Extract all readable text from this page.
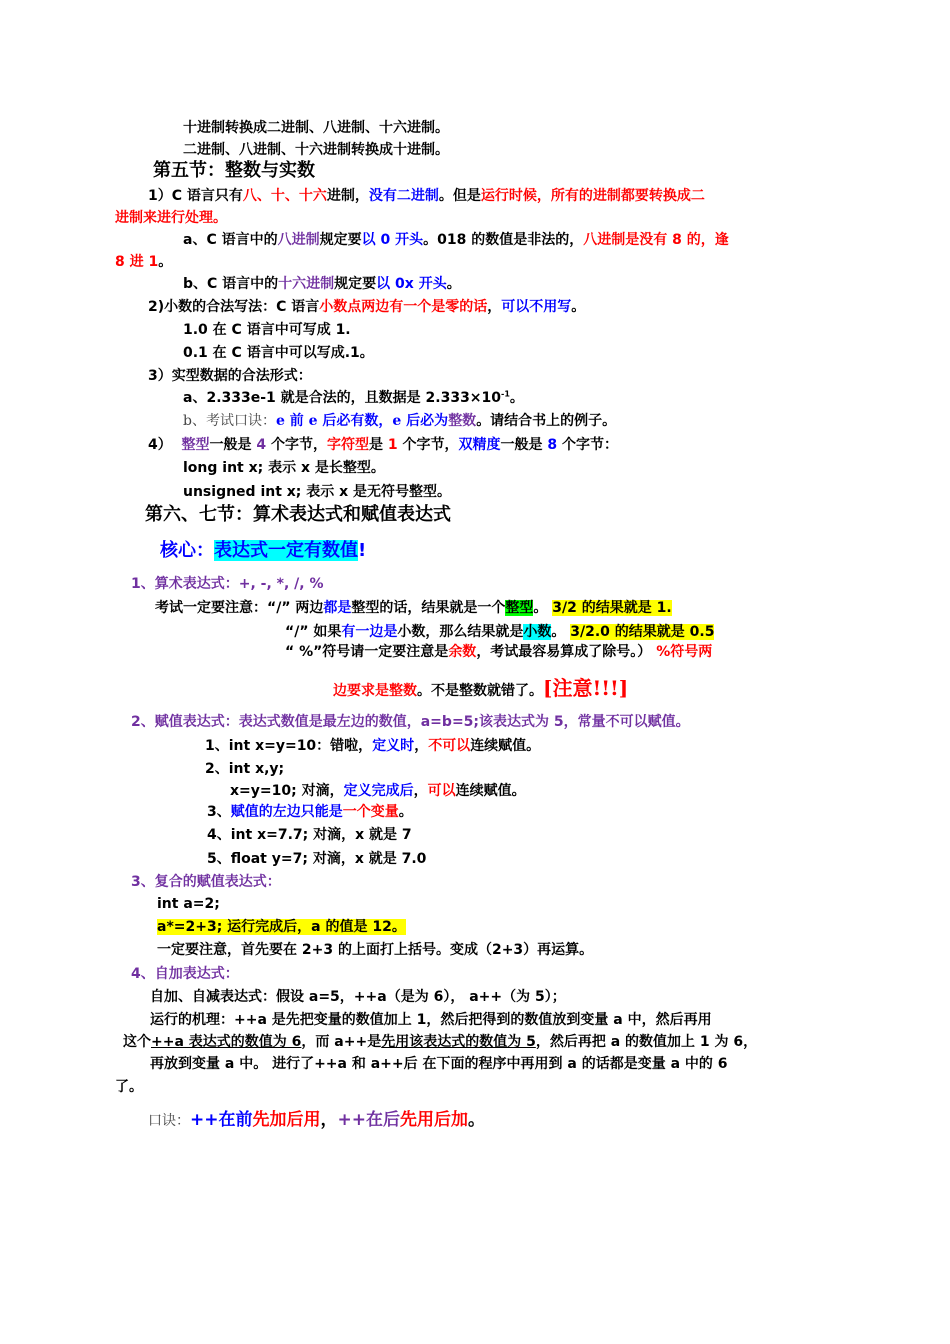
十进制转换成二进制、八进制、十六进制。
二进制、八进制、十六进制转换成十进制。
第五节：整数与实数
1）C 语言只有八、十、十六进制，没有二进制。但是运行时候，所有的进制都要转换成二
进制来进行处理。
a、C 语言中的八进制规定要以 0 开头。018 的数值是非法的，八进制是没有 8 的，逢
8 进 1。
b、C 语言中的十六进制规定要以 0x 开头。
2)小数的合法写法：C 语言小数点两边有一个是零的话，可以不用写。
1.0 在 C 语言中可写成 1.
0.1 在 C 语言中可以写成.1。
3）实型数据的合法形式：
a、2.333e-1 就是合法的，且数据是 $2.333\times 10^{-1}$。
b、考试口诀：e 前 e 后必有数，e 后必为整数。请结合书上的例子。
4） 整型一般是 4 个字节，字符型是 1 个字节，双精度一般是 8 个字节：
long int x; 表示 x 是长整型。
unsigned int x; 表示 x 是无符号整型。
第六、七节：算术表达式和赋值表达式
核心：表达式一定有数值!
1、算术表达式：+, -, *, /, %
考试一定要注意：“/” 两边都是整型的话，结果就是一个整型。 3/2 的结果就是 1.
“/” 如果有一边是小数，那么结果就是小数。 3/2.0 的结果就是 0.5
“ %”符号请一定要注意是余数，考试最容易算成了除号。） %符号两
边要求是整数。不是整数就错了。[注意!!!]
2、赋值表达式：表达式数值是最左边的数值，a=b=5;该表达式为 5，常量不可以赋值。
1、int x=y=10：错啦，定义时，不可以连续赋值。
2、int x,y;
x=y=10; 对滴，定义完成后，可以连续赋值。
3、赋值的左边只能是一个变量。
4、int x=7.7; 对滴，x 就是 7
5、float y=7; 对滴，x 就是 7.0
3、复合的赋值表达式：
int a=2;
a*=2+3; 运行完成后，a 的值是 12。
一定要注意，首先要在 2+3 的上面打上括号。变成（2+3）再运算。
4、自加表达式：
自加、自减表达式：假设 a=5，++a（是为 6）， a++（为 5）；
运行的机理：++a 是先把变量的数值加上 1，然后把得到的数值放到变量 a 中，然后再用
这个++a 表达式的数值为 6，而 a++是先用该表达式的数值为 5，然后再把 a 的数值加上 1 为 6，
再放到变量 a 中。 进行了++a 和 a++后 在下面的程序中再用到 a 的话都是变量 a 中的 6
了。
口诀：++在前先加后用，++在后先用后加。
